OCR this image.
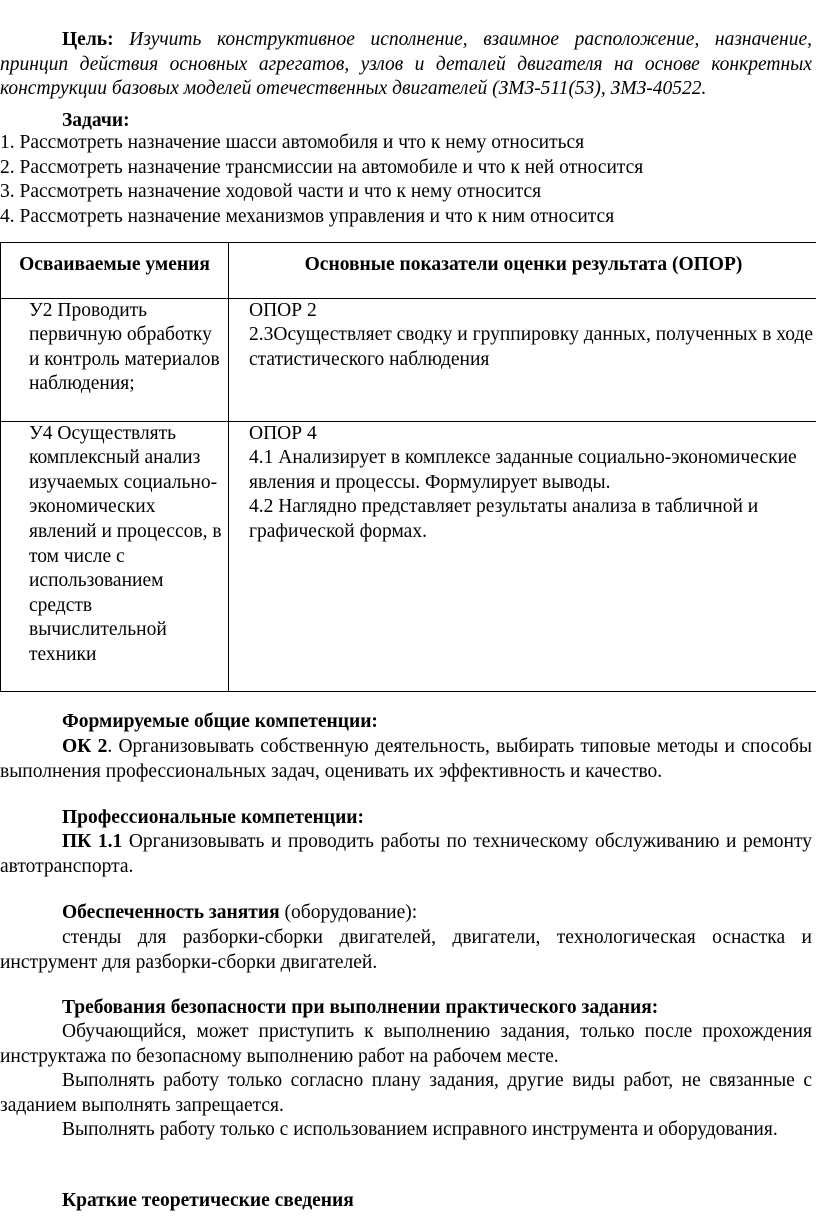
Цель: Изучить конструктивное исполнение, взаимное расположение, назначение, принцип действия основных агрегатов, узлов и деталей двигателя на основе конкретных конструкции базовых моделей отечественных двигателей (ЗМЗ-511(53), ЗМЗ-40522.
Задачи:
1. Рассмотреть назначение шасси автомобиля и что к нему относиться
2. Рассмотреть назначение трансмиссии на автомобиле и что к ней относится
3. Рассмотреть назначение ходовой части и что к нему относится
4. Рассмотреть назначение механизмов управления и что к ним относится
Осваиваемые умения	Основные показатели оценки результата (ОПОР)
У2 Проводить первичную обработку и контроль материалов наблюдения;	ОПОР 2
2.3Осуществляет сводку и группировку данных, полученных в ходе статистического наблюдения

У4 Осуществлять комплексный анализ изучаемых социально-экономических явлений и процессов, в том числе с использованием средств вычислительной техники	ОПОР 4
4.1 Анализирует в комплексе заданные социально-экономические явления и процессы. Формулирует выводы.
4.2 Наглядно представляет результаты анализа в табличной и графической формах.
Формируемые общие компетенции:
ОК 2. Организовывать собственную деятельность, выбирать типовые методы и способы выполнения профессиональных задач, оценивать их эффективность и качество.
Профессиональные компетенции:
ПК 1.1 Организовывать и проводить работы по техническому обслуживанию и ремонту автотранспорта.
Обеспеченность занятия (оборудование):
стенды для разборки-сборки двигателей, двигатели, технологическая оснастка и инструмент для разборки-сборки двигателей.
Требования безопасности при выполнении практического задания:

Обучающийся, может приступить к выполнению задания, только после прохождения инструктажа по безопасному выполнению работ на рабочем месте.

Выполнять работу только согласно плану задания, другие виды работ, не связанные с заданием выполнять запрещается.

Выполнять работу только с использованием исправного инструмента и оборудования.

Краткие теоретические сведения
